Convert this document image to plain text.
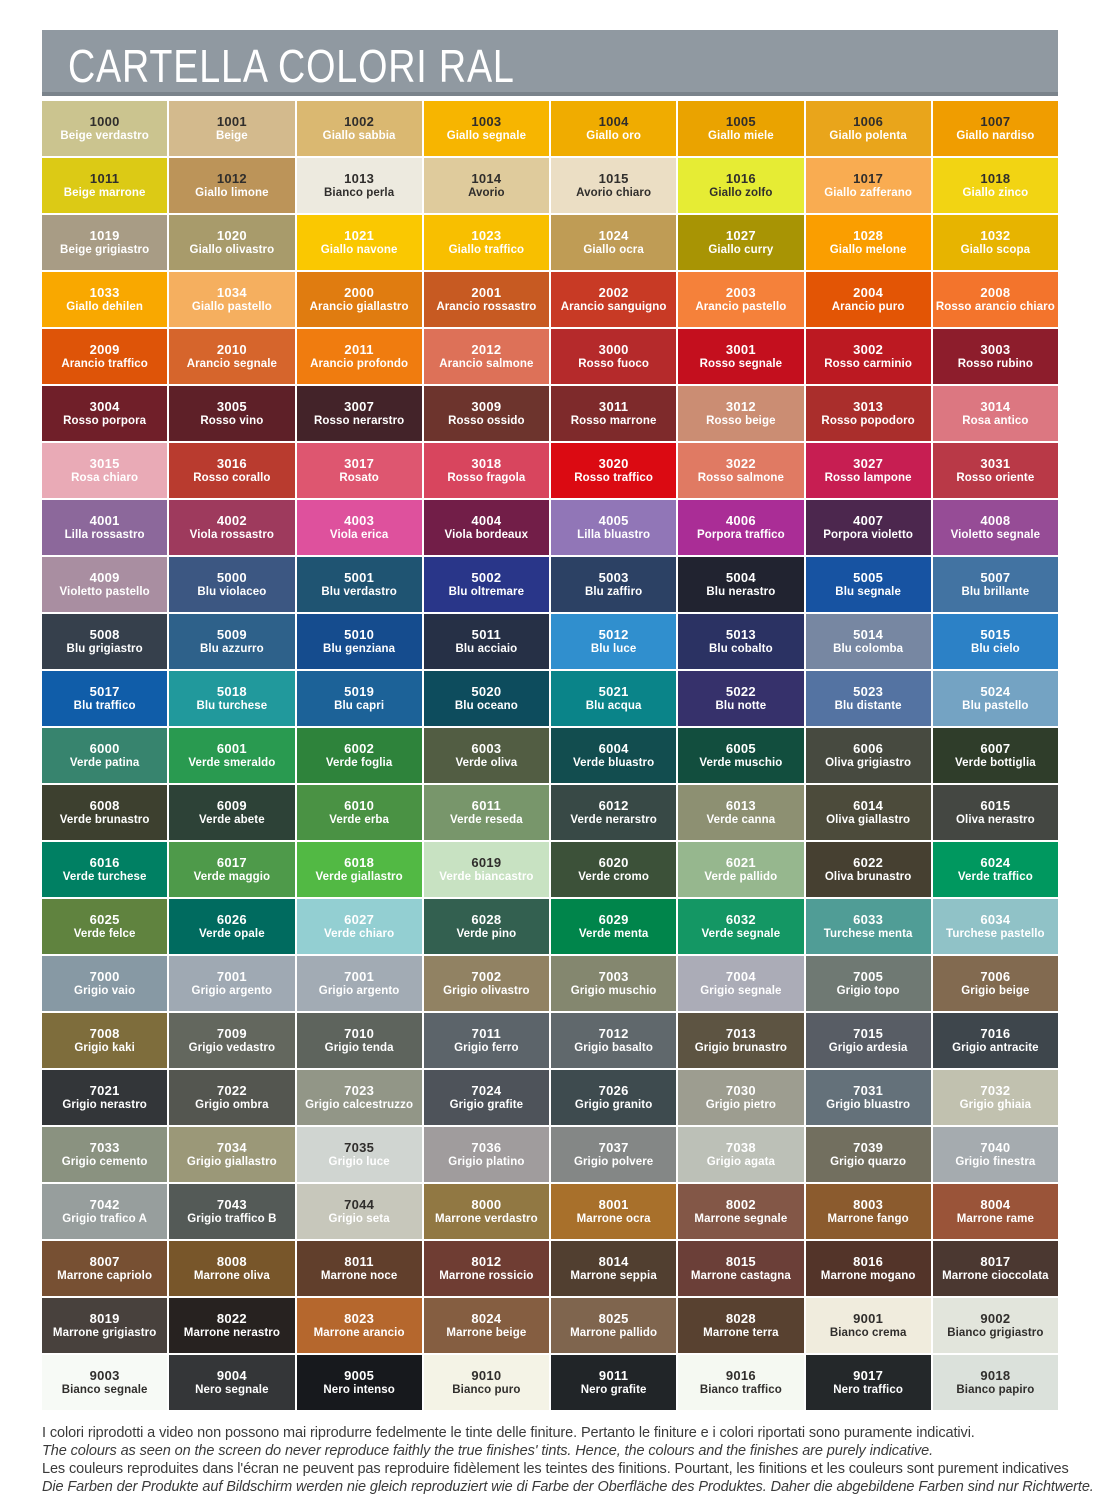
CARTELLA COLORI RAL
1000
Beige verdastro
1001
Beige
1002
Giallo sabbia
1003
Giallo segnale
1004
Giallo oro
1005
Giallo miele
1006
Giallo polenta
1007
Giallo nardiso
1011
Beige marrone
1012
Giallo limone
1013
Bianco perla
1014
Avorio
1015
Avorio chiaro
1016
Giallo zolfo
1017
Giallo zafferano
1018
Giallo zinco
1019
Beige grigiastro
1020
Giallo olivastro
1021
Giallo navone
1023
Giallo traffico
1024
Giallo ocra
1027
Giallo curry
1028
Giallo melone
1032
Giallo scopa
1033
Giallo dehilen
1034
Giallo pastello
2000
Arancio giallastro
2001
Arancio rossastro
2002
Arancio sanguigno
2003
Arancio pastello
2004
Arancio puro
2008
Rosso arancio chiaro
2009
Arancio traffico
2010
Arancio segnale
2011
Arancio profondo
2012
Arancio salmone
3000
Rosso fuoco
3001
Rosso segnale
3002
Rosso carminio
3003
Rosso rubino
3004
Rosso porpora
3005
Rosso vino
3007
Rosso nerarstro
3009
Rosso ossido
3011
Rosso marrone
3012
Rosso beige
3013
Rosso popodoro
3014
Rosa antico
3015
Rosa chiaro
3016
Rosso corallo
3017
Rosato
3018
Rosso fragola
3020
Rosso traffico
3022
Rosso salmone
3027
Rosso lampone
3031
Rosso oriente
4001
Lilla rossastro
4002
Viola rossastro
4003
Viola erica
4004
Viola bordeaux
4005
Lilla bluastro
4006
Porpora traffico
4007
Porpora violetto
4008
Violetto segnale
4009
Violetto pastello
5000
Blu violaceo
5001
Blu verdastro
5002
Blu oltremare
5003
Blu zaffiro
5004
Blu nerastro
5005
Blu segnale
5007
Blu brillante
5008
Blu grigiastro
5009
Blu azzurro
5010
Blu genziana
5011
Blu acciaio
5012
Blu luce
5013
Blu cobalto
5014
Blu colomba
5015
Blu cielo
5017
Blu traffico
5018
Blu turchese
5019
Blu capri
5020
Blu oceano
5021
Blu acqua
5022
Blu notte
5023
Blu distante
5024
Blu pastello
6000
Verde patina
6001
Verde smeraldo
6002
Verde foglia
6003
Verde oliva
6004
Verde bluastro
6005
Verde muschio
6006
Oliva grigiastro
6007
Verde bottiglia
6008
Verde brunastro
6009
Verde abete
6010
Verde erba
6011
Verde reseda
6012
Verde nerarstro
6013
Verde canna
6014
Oliva giallastro
6015
Oliva nerastro
6016
Verde turchese
6017
Verde maggio
6018
Verde giallastro
6019
Verde biancastro
6020
Verde cromo
6021
Verde pallido
6022
Oliva brunastro
6024
Verde traffico
6025
Verde felce
6026
Verde opale
6027
Verde chiaro
6028
Verde pino
6029
Verde menta
6032
Verde segnale
6033
Turchese menta
6034
Turchese pastello
7000
Grigio vaio
7001
Grigio argento
7001
Grigio argento
7002
Grigio olivastro
7003
Grigio muschio
7004
Grigio segnale
7005
Grigio topo
7006
Grigio beige
7008
Grigio kaki
7009
Grigio vedastro
7010
Grigio tenda
7011
Grigio ferro
7012
Grigio basalto
7013
Grigio brunastro
7015
Grigio ardesia
7016
Grigio antracite
7021
Grigio nerastro
7022
Grigio ombra
7023
Grigio calcestruzzo
7024
Grigio grafite
7026
Grigio granito
7030
Grigio pietro
7031
Grigio bluastro
7032
Grigio ghiaia
7033
Grigio cemento
7034
Grigio giallastro
7035
Grigio luce
7036
Grigio platino
7037
Grigio polvere
7038
Grigio agata
7039
Grigio quarzo
7040
Grigio finestra
7042
Grigio trafico A
7043
Grigio traffico B
7044
Grigio seta
8000
Marrone verdastro
8001
Marrone ocra
8002
Marrone segnale
8003
Marrone fango
8004
Marrone rame
8007
Marrone capriolo
8008
Marrone oliva
8011
Marrone noce
8012
Marrone rossicio
8014
Marrone seppia
8015
Marrone castagna
8016
Marrone mogano
8017
Marrone cioccolata
8019
Marrone grigiastro
8022
Marrone nerastro
8023
Marrone arancio
8024
Marrone beige
8025
Marrone pallido
8028
Marrone terra
9001
Bianco crema
9002
Bianco grigiastro
9003
Bianco segnale
9004
Nero segnale
9005
Nero intenso
9010
Bianco puro
9011
Nero grafite
9016
Bianco traffico
9017
Nero traffico
9018
Bianco papiro

I colori riprodotti a video non possono mai riprodurre fedelmente le tinte delle finiture. Pertanto le finiture e i colori riportati sono puramente indicativi.

The colours as seen on the screen do never reproduce faithly the true finishes' tints. Hence, the colours and the finishes are purely indicative.

Les couleurs reproduites dans l'écran ne peuvent pas reproduire fidèlement les teintes des finitions. Pourtant, les finitions et les couleurs sont purement indicatives

Die Farben der Produkte auf Bildschirm werden nie gleich reproduziert wie di Farbe der Oberfläche des Produktes. Daher die abgebildene Farben sind nur Richtwerte.
